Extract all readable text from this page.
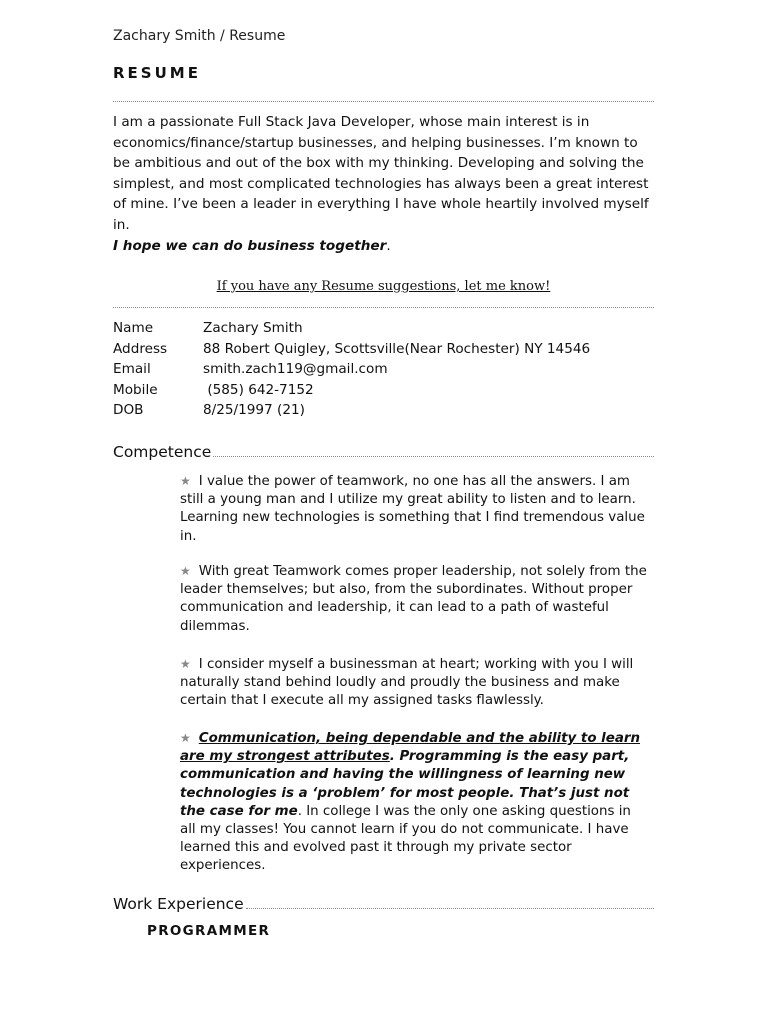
Zachary Smith / Resume
RESUME

I am a passionate Full Stack Java Developer, whose main interest is in economics/finance/startup businesses, and helping businesses. I’m known to be ambitious and out of the box with my thinking. Developing and solving the simplest, and most complicated technologies has always been a great interest of mine. I’ve been a leader in everything I have whole heartily involved myself in.

I hope we can do business together.

If you have any Resume suggestions, let me know!
Name	Zachary Smith
Address	88 Robert Quigley, Scottsville(Near Rochester) NY 14546
Email	smith.zach119@gmail.com
Mobile	(585) 642-7152
DOB	8/25/1997 (21)
Competence
★ I value the power of teamwork, no one has all the answers. I am still a young man and I utilize my great ability to listen and to learn. Learning new technologies is something that I find tremendous value in.
★ With great Teamwork comes proper leadership, not solely from the leader themselves; but also, from the subordinates. Without proper communication and leadership, it can lead to a path of wasteful dilemmas.
★ I consider myself a businessman at heart; working with you I will naturally stand behind loudly and proudly the business and make certain that I execute all my assigned tasks flawlessly.
★ Communication, being dependable and the ability to learn are my strongest attributes. Programming is the easy part, communication and having the willingness of learning new technologies is a ‘problem’ for most people. That’s just not the case for me. In college I was the only one asking questions in all my classes! You cannot learn if you do not communicate. I have learned this and evolved past it through my private sector experiences.
Work Experience
PROGRAMMER
